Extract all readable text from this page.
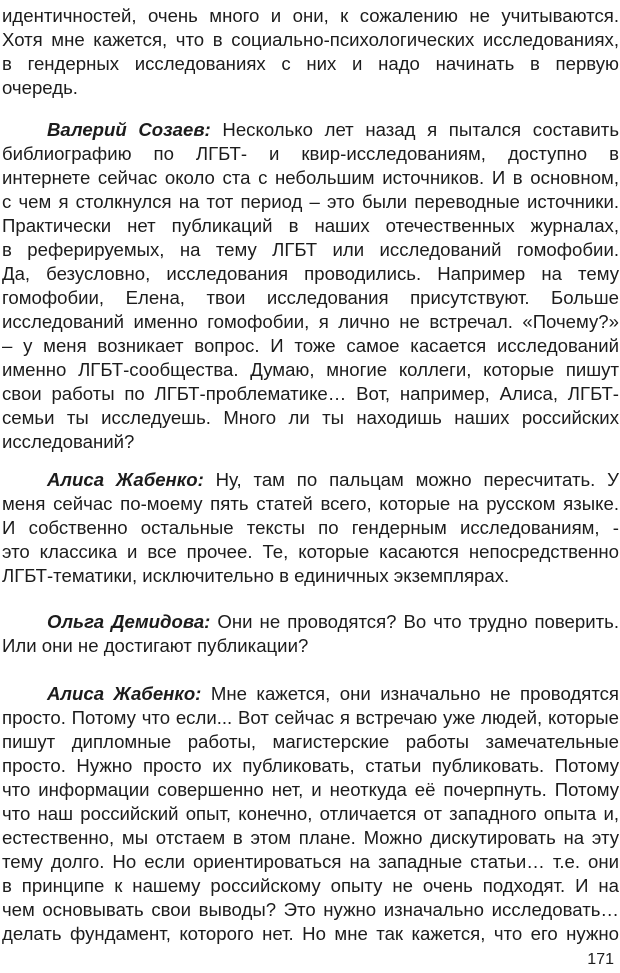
идентичностей, очень много и они, к сожалению не учитываются.
Хотя мне кажется, что в социально-психологических исследованиях,
в гендерных исследованиях с них и надо начинать в первую
очередь.
Валерий Созаев: Несколько лет назад я пытался составить
библиографию по ЛГБТ- и квир-исследованиям, доступно в
интернете сейчас около ста с небольшим источников. И в основном,
с чем я столкнулся на тот период – это были переводные источники.
Практически нет публикаций в наших отечественных журналах,
в реферируемых, на тему ЛГБТ или исследований гомофобии.
Да, безусловно, исследования проводились. Например на тему
гомофобии, Елена, твои исследования присутствуют. Больше
исследований именно гомофобии, я лично не встречал. «Почему?»
– у меня возникает вопрос. И тоже самое касается исследований
именно ЛГБТ-сообщества. Думаю, многие коллеги, которые пишут
свои работы по ЛГБТ-проблематике… Вот, например, Алиса, ЛГБТ-
семьи ты исследуешь. Много ли ты находишь наших российских
исследований?
Алиса Жабенко: Ну, там по пальцам можно пересчитать. У
меня сейчас по-моему пять статей всего, которые на русском языке.
И собственно остальные тексты по гендерным исследованиям, -
это классика и все прочее. Те, которые касаются непосредственно
ЛГБТ-тематики, исключительно в единичных экземплярах.
Ольга Демидова: Они не проводятся? Во что трудно поверить.
Или они не достигают публикации?
Алиса Жабенко: Мне кажется, они изначально не проводятся
просто. Потому что если... Вот сейчас я встречаю уже людей, которые
пишут дипломные работы, магистерские работы замечательные
просто. Нужно просто их публиковать, статьи публиковать. Потому
что информации совершенно нет, и неоткуда её почерпнуть. Потому
что наш российский опыт, конечно, отличается от западного опыта и,
естественно, мы отстаем в этом плане. Можно дискутировать на эту
тему долго. Но если ориентироваться на западные статьи… т.е. они
в принципе к нашему российскому опыту не очень подходят. И на
чем основывать свои выводы? Это нужно изначально исследовать…
делать фундамент, которого нет. Но мне так кажется, что его нужно
171
